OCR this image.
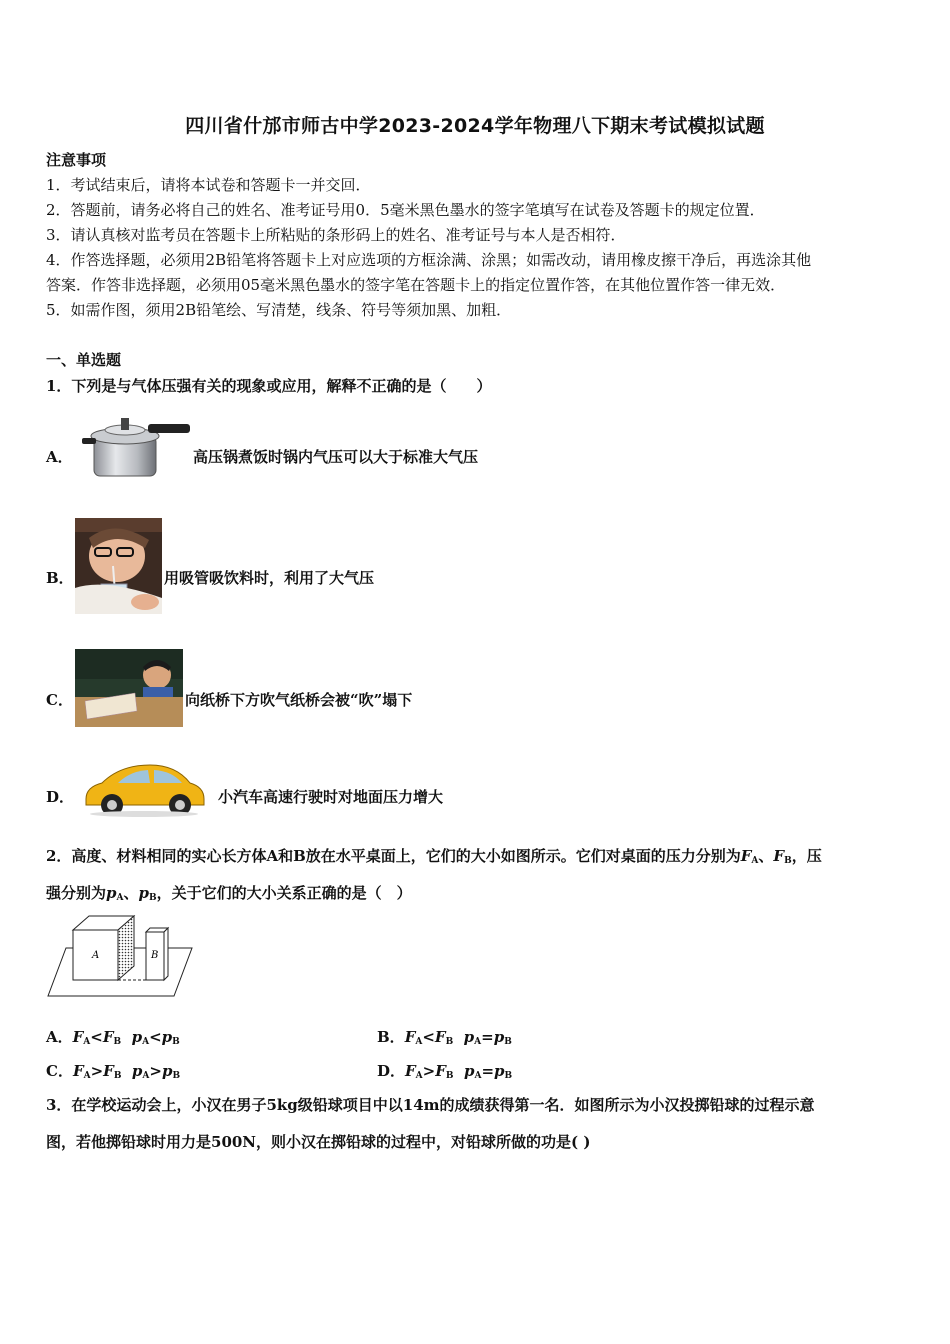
四川省什邡市师古中学2023-2024学年物理八下期末考试模拟试题
注意事项
1．考试结束后，请将本试卷和答题卡一并交回．
2．答题前，请务必将自己的姓名、准考证号用0．5毫米黑色墨水的签字笔填写在试卷及答题卡的规定位置．
3．请认真核对监考员在答题卡上所粘贴的条形码上的姓名、准考证号与本人是否相符．
4．作答选择题，必须用2B铅笔将答题卡上对应选项的方框涂满、涂黑；如需改动，请用橡皮擦干净后，再选涂其他
答案．作答非选择题，必须用05毫米黑色墨水的签字笔在答题卡上的指定位置作答，在其他位置作答一律无效．
5．如需作图，须用2B铅笔绘、写清楚，线条、符号等须加黑、加粗．
一、单选题
1．下列是与气体压强有关的现象或应用，解释不正确的是（　　）
A．	高压锅煮饭时锅内气压可以大于标准大气压
B．	用吸管吸饮料时，利用了大气压
C．	向纸桥下方吹气纸桥会被“吹”塌下
D．	小汽车高速行驶时对地面压力增大
2．高度、材料相同的实心长方体A和B放在水平桌面上，它们的大小如图所示。它们对桌面的压力分别为$F_A$、$F_B$，压
强分别为$p_A$、$p_B$，关于它们的大小关系正确的是（　）
A	B
A．$F_A<F_B$ $p_A<p_B$	B．$F_A<F_B$ $p_A=p_B$
C．$F_A>F_B$ $p_A>p_B$	D．$F_A>F_B$ $p_A=p_B$
3．在学校运动会上，小汉在男子5kg级铅球项目中以14m的成绩获得第一名．如图所示为小汉投掷铅球的过程示意
图，若他掷铅球时用力是500N，则小汉在掷铅球的过程中，对铅球所做的功是( )
